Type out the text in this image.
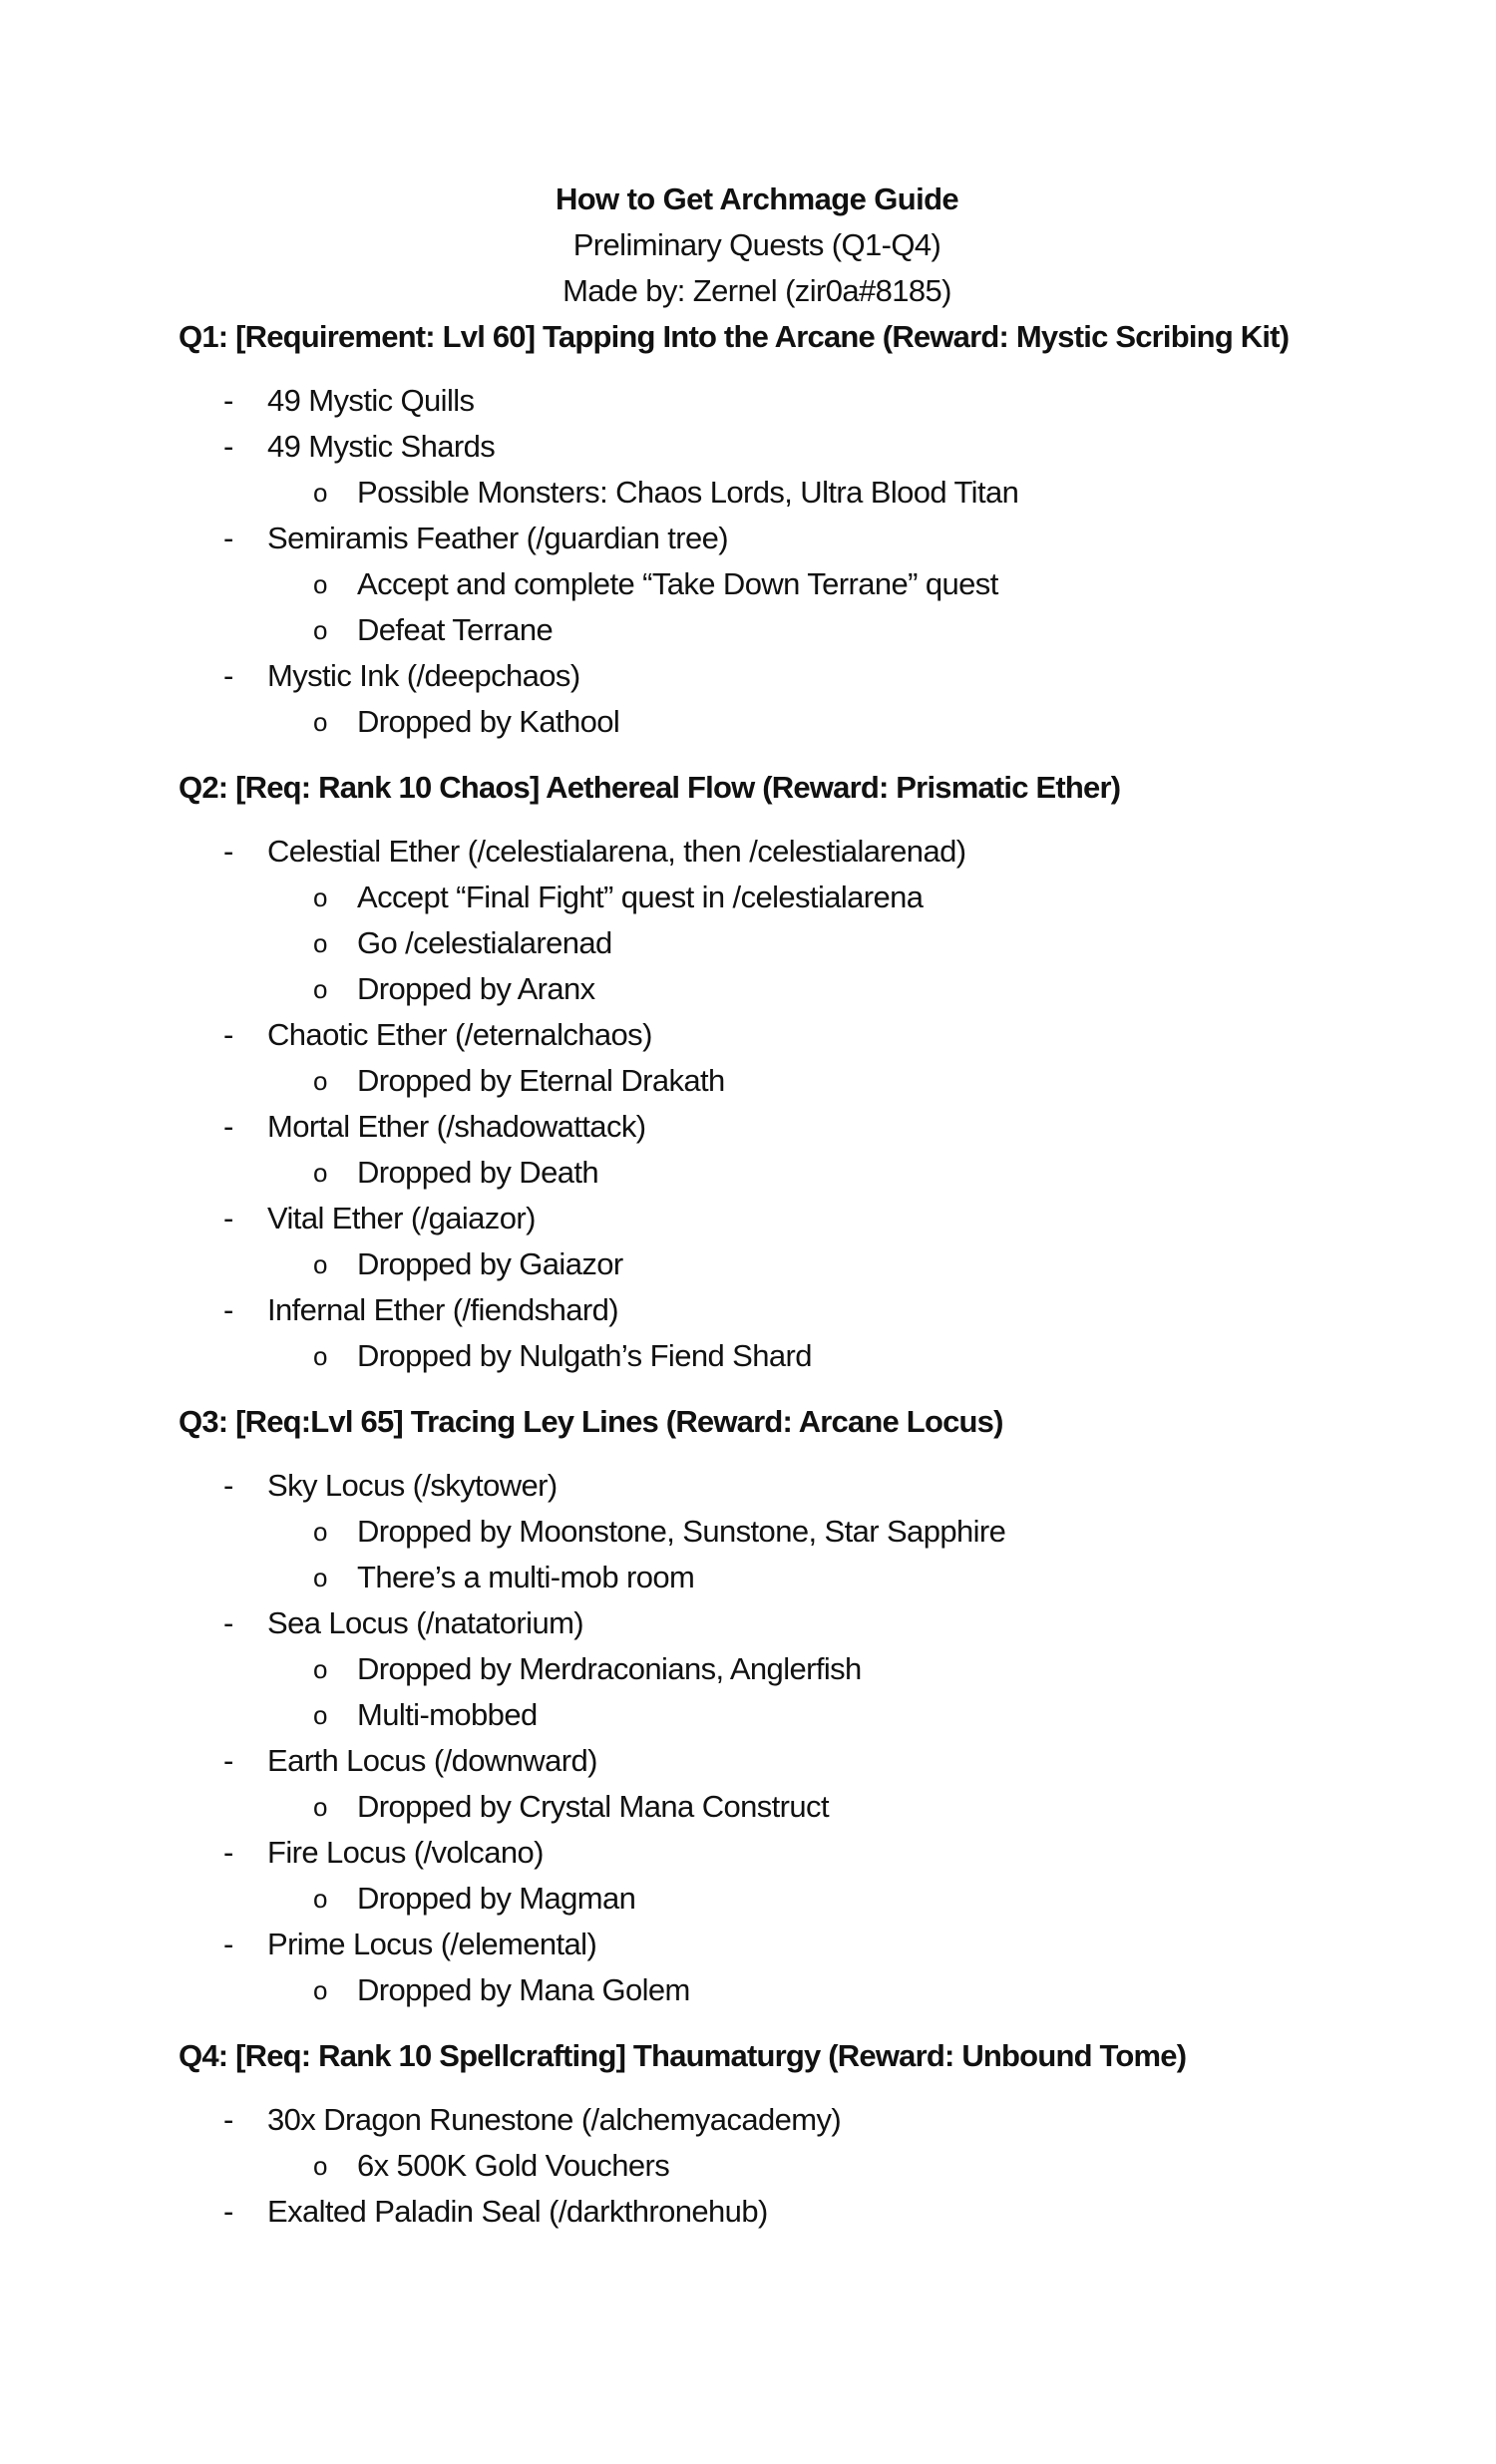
How to Get Archmage Guide
Preliminary Quests (Q1-Q4)
Made by: Zernel (zir0a#8185)
Q1: [Requirement: Lvl 60] Tapping Into the Arcane (Reward: Mystic Scribing Kit)
- 49 Mystic Quills
- 49 Mystic Shards
o Possible Monsters: Chaos Lords, Ultra Blood Titan
- Semiramis Feather (/guardian tree)
o Accept and complete “Take Down Terrane” quest
o Defeat Terrane
- Mystic Ink (/deepchaos)
o Dropped by Kathool
Q2: [Req: Rank 10 Chaos] Aethereal Flow (Reward: Prismatic Ether)
- Celestial Ether (/celestialarena, then /celestialarenad)
o Accept “Final Fight” quest in /celestialarena
o Go /celestialarenad
o Dropped by Aranx
- Chaotic Ether (/eternalchaos)
o Dropped by Eternal Drakath
- Mortal Ether (/shadowattack)
o Dropped by Death
- Vital Ether (/gaiazor)
o Dropped by Gaiazor
- Infernal Ether (/fiendshard)
o Dropped by Nulgath’s Fiend Shard
Q3: [Req:Lvl 65] Tracing Ley Lines (Reward: Arcane Locus)
- Sky Locus (/skytower)
o Dropped by Moonstone, Sunstone, Star Sapphire
o There’s a multi-mob room
- Sea Locus (/natatorium)
o Dropped by Merdraconians, Anglerfish
o Multi-mobbed
- Earth Locus (/downward)
o Dropped by Crystal Mana Construct
- Fire Locus (/volcano)
o Dropped by Magman
- Prime Locus (/elemental)
o Dropped by Mana Golem
Q4: [Req: Rank 10 Spellcrafting] Thaumaturgy (Reward: Unbound Tome)
- 30x Dragon Runestone (/alchemyacademy)
o 6x 500K Gold Vouchers
- Exalted Paladin Seal (/darkthronehub)
